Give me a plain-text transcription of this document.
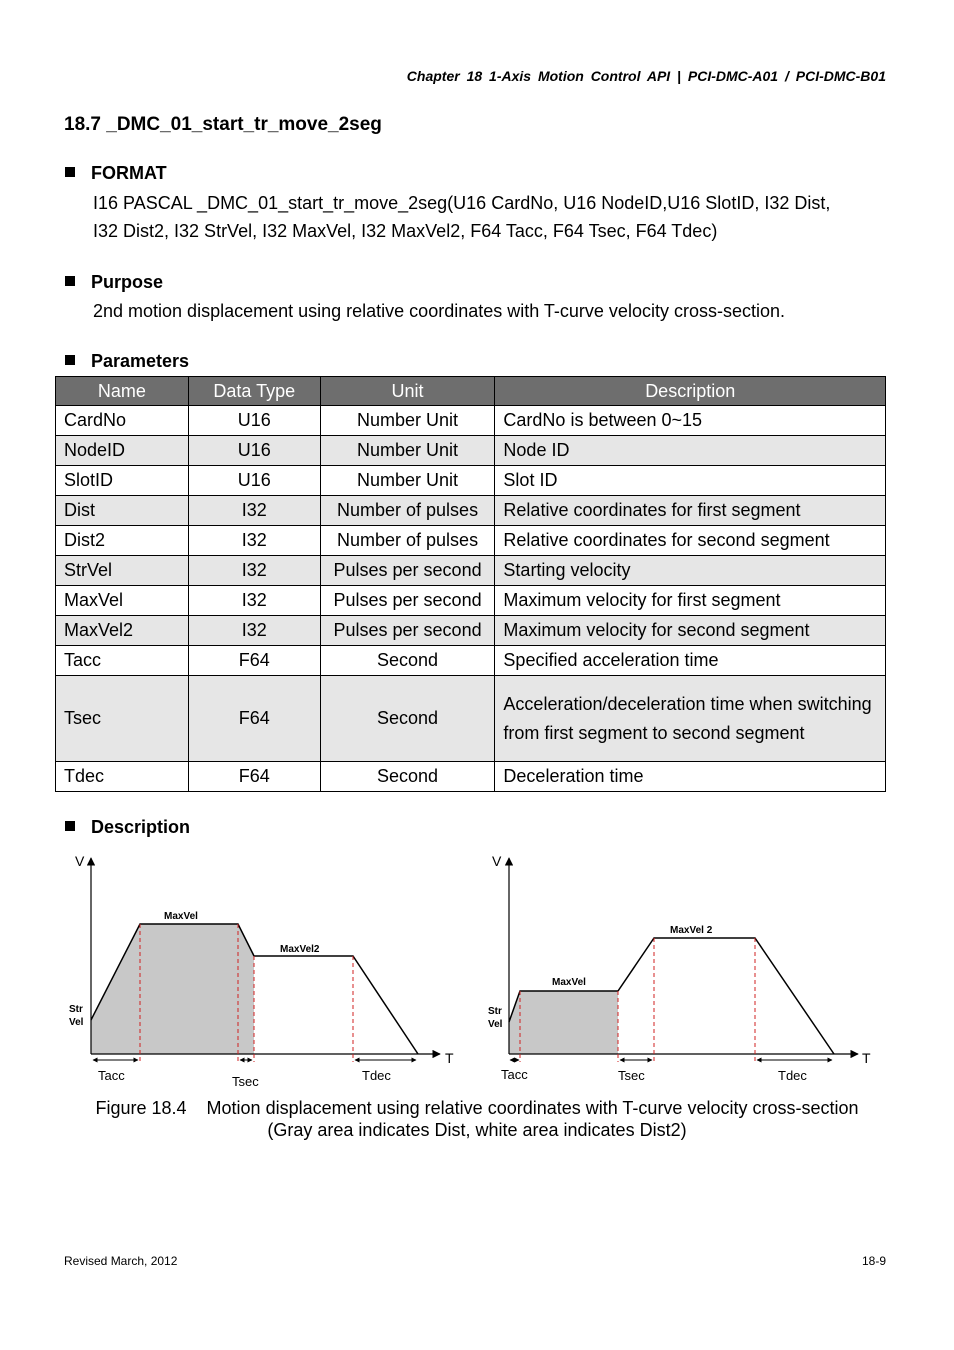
Chapter 18 1-Axis Motion Control API | PCI-DMC-A01 / PCI-DMC-B01
18.7 _DMC_01_start_tr_move_2seg
FORMAT
I16 PASCAL _DMC_01_start_tr_move_2seg(U16 CardNo, U16 NodeID,U16 SlotID, I32 Dist,
I32 Dist2, I32 StrVel, I32 MaxVel, I32 MaxVel2, F64 Tacc, F64 Tsec, F64 Tdec)
Purpose
2nd motion displacement using relative coordinates with T-curve velocity cross-section.
Parameters
Name	Data Type	Unit	Description
CardNo	U16	Number Unit	CardNo is between 0~15
NodeID	U16	Number Unit	Node ID
SlotID	U16	Number Unit	Slot ID
Dist	I32	Number of pulses	Relative coordinates for first segment
Dist2	I32	Number of pulses	Relative coordinates for second segment
StrVel	I32	Pulses per second	Starting velocity
MaxVel	I32	Pulses per second	Maximum velocity for first segment
MaxVel2	I32	Pulses per second	Maximum velocity for second segment
Tacc	F64	Second	Specified acceleration time
Tsec	F64	Second	Acceleration/deceleration time when switching from first segment to second segment
Tdec	F64	Second	Deceleration time
Description
V
T
Str
Vel
MaxVel
MaxVel2
Tacc	Tsec	Tdec
V
T
Str
Vel
MaxVel
MaxVel 2
Tacc	Tsec	Tdec
Figure 18.4    Motion displacement using relative coordinates with T-curve velocity cross-section
(Gray area indicates Dist, white area indicates Dist2)
Revised March, 2012	18-9
